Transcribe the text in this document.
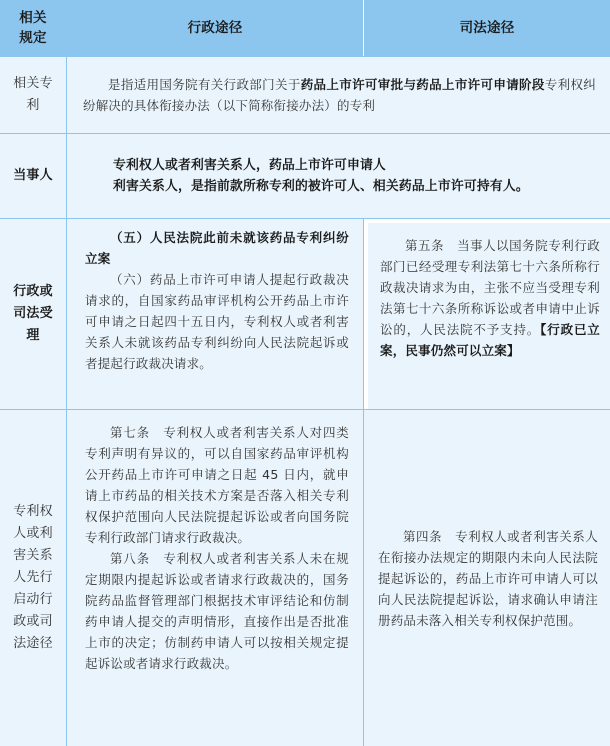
相关规定
行政途径	司法途径
相关专利
是指适用国务院有关行政部门关于药品上市许可审批与药品上市许可申请阶段专利权纠纷解决的具体衔接办法（以下简称衔接办法）的专利
当事人
专利权人或者利害关系人，药品上市许可申请人
利害关系人，是指前款所称专利的被许可人、相关药品上市许可持有人。
行政或司法受理
（五）人民法院此前未就该药品专利纠纷立案
（六）药品上市许可申请人提起行政裁决请求的，自国家药品审评机构公开药品上市许可申请之日起四十五日内，专利权人或者利害关系人未就该药品专利纠纷向人民法院起诉或者提起行政裁决请求。
第五条　当事人以国务院专利行政部门已经受理专利法第七十六条所称行政裁决请求为由，主张不应当受理专利法第七十六条所称诉讼或者申请中止诉讼的，人民法院不予支持。【行政已立案，民事仍然可以立案】
专利权人或利害关系人先行启动行政或司法途径
第七条　专利权人或者利害关系人对四类专利声明有异议的，可以自国家药品审评机构公开药品上市许可申请之日起 45 日内，就申请上市药品的相关技术方案是否落入相关专利权保护范围向人民法院提起诉讼或者向国务院专利行政部门请求行政裁决。
第八条　专利权人或者利害关系人未在规定期限内提起诉讼或者请求行政裁决的，国务院药品监督管理部门根据技术审评结论和仿制药申请人提交的声明情形，直接作出是否批准上市的决定；仿制药申请人可以按相关规定提起诉讼或者请求行政裁决。
第四条　专利权人或者利害关系人在衔接办法规定的期限内未向人民法院提起诉讼的，药品上市许可申请人可以向人民法院提起诉讼，请求确认申请注册药品未落入相关专利权保护范围。
